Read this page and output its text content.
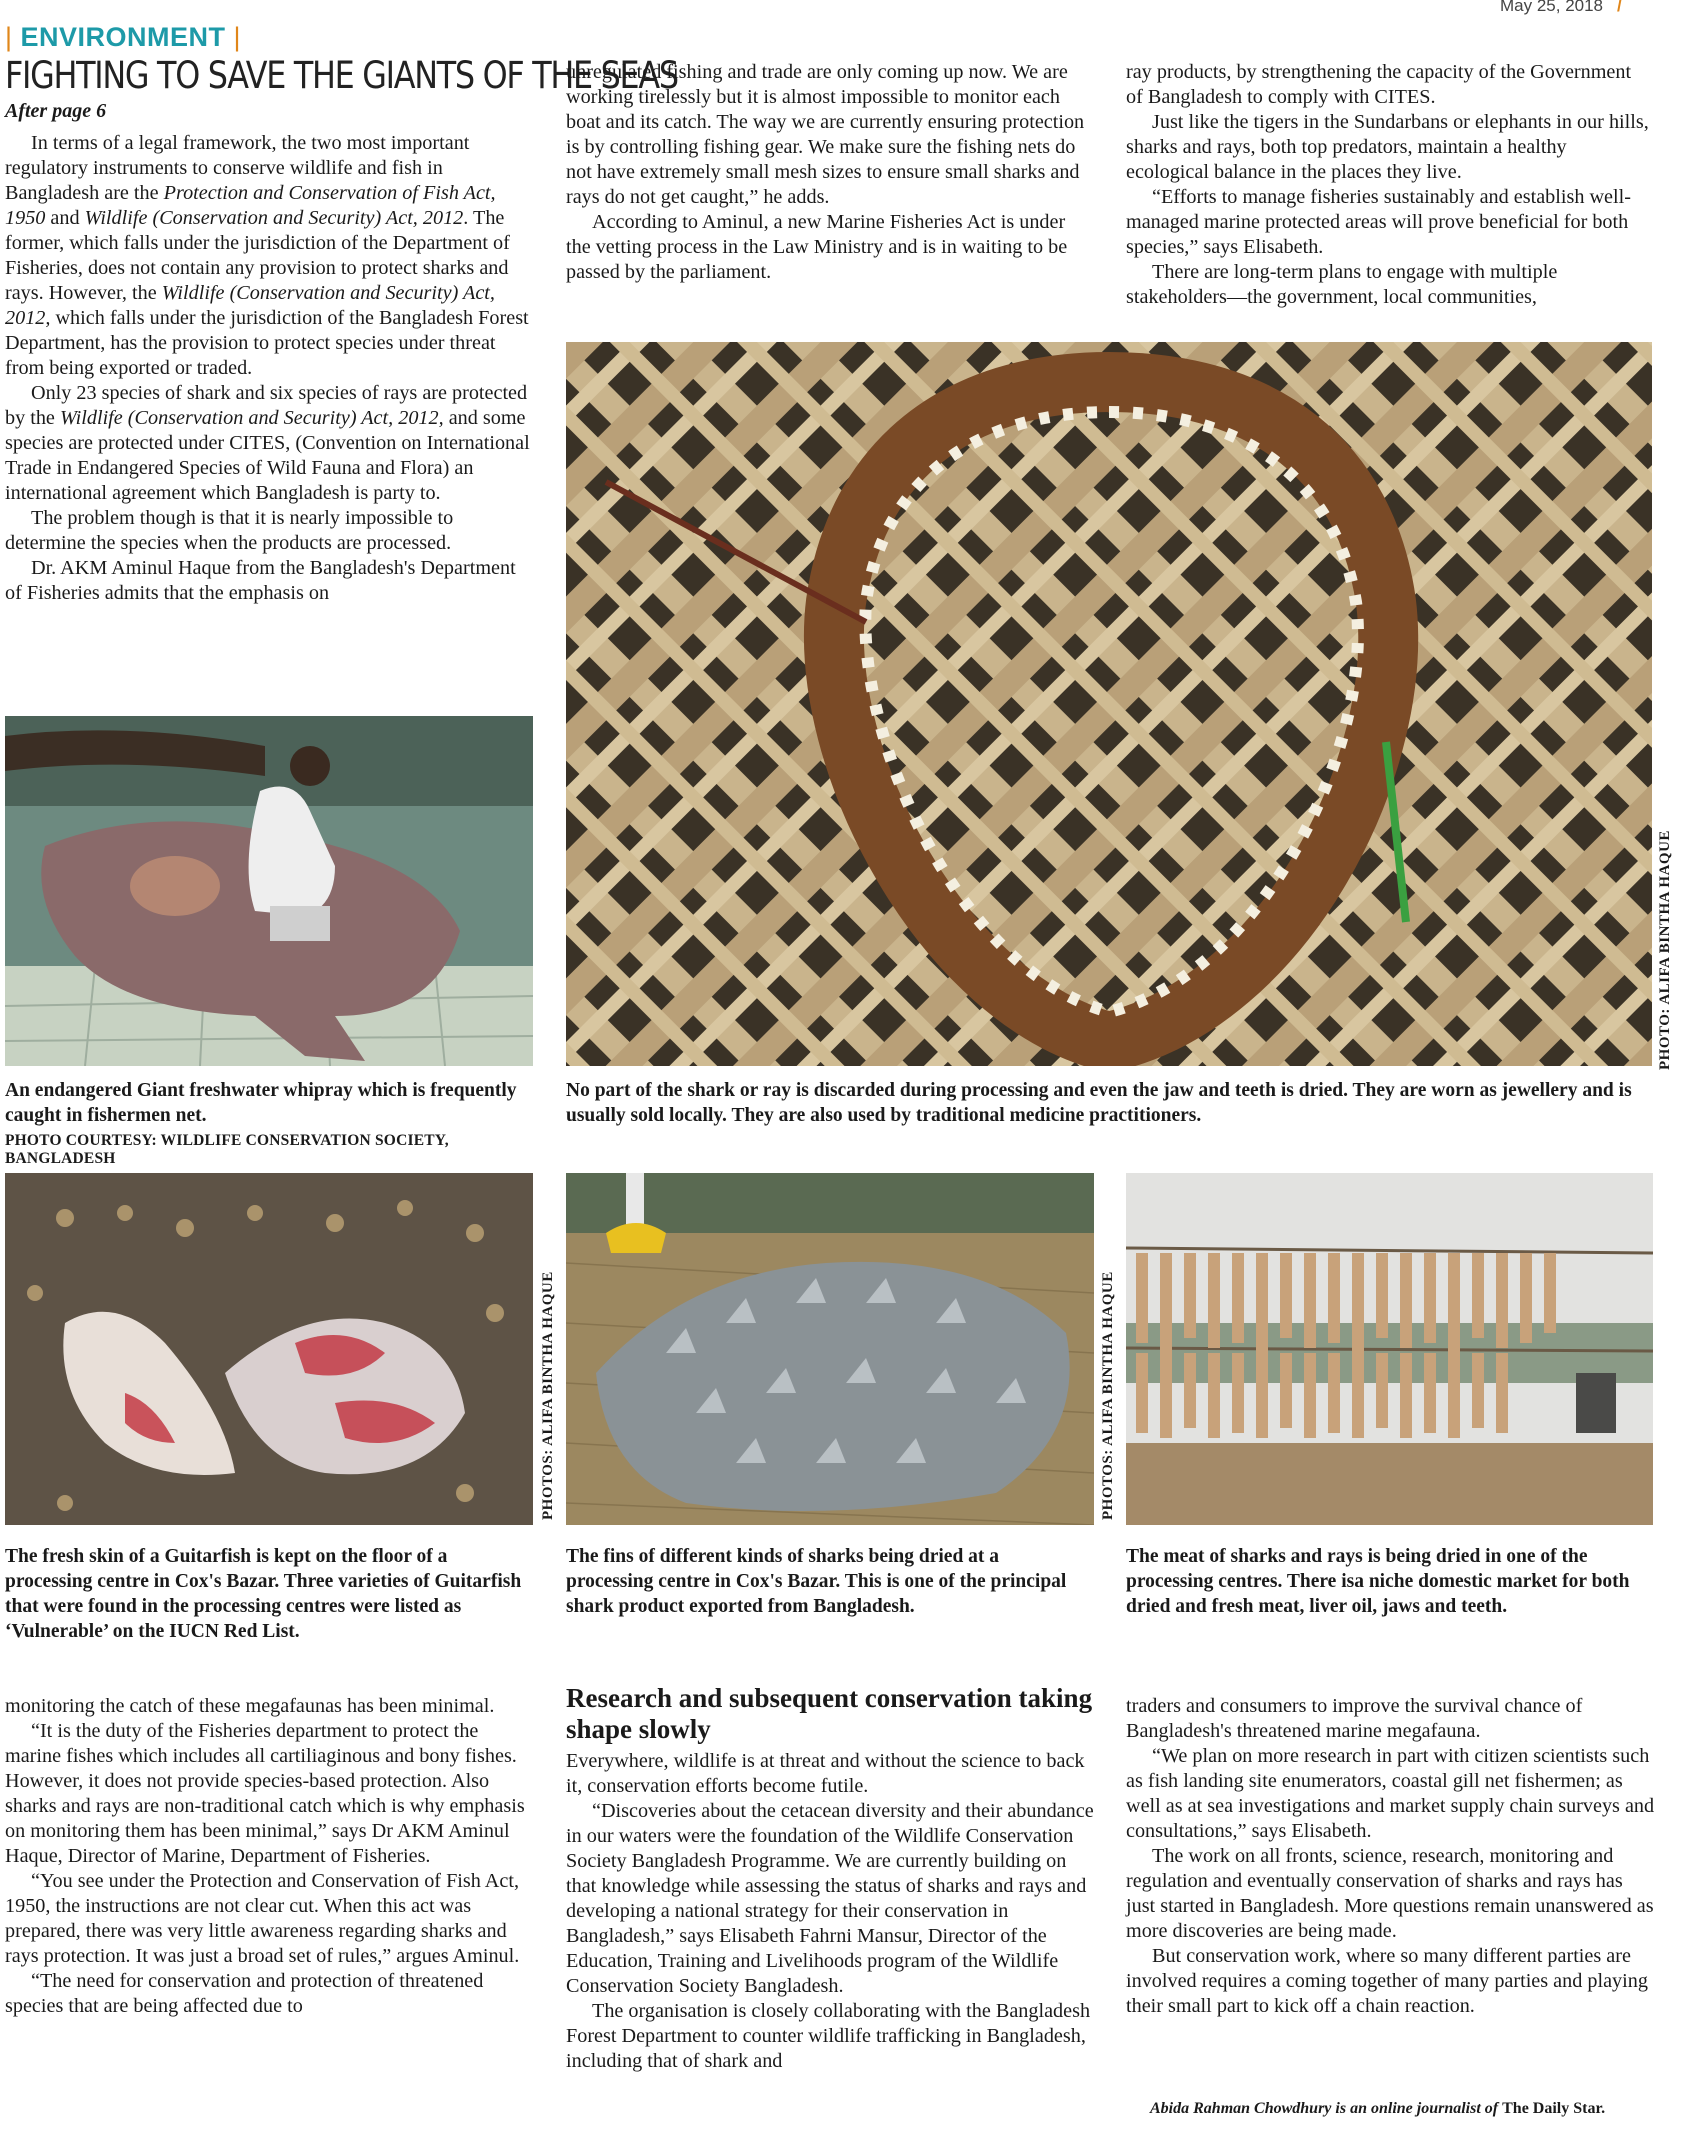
May 25, 2018 /
| ENVIRONMENT |
FIGHTING TO SAVE THE GIANTS OF THE SEAS
After page 6

In terms of a legal framework, the two most important regulatory instruments to conserve wildlife and fish in Bangladesh are the Protection and Conservation of Fish Act, 1950 and Wildlife (Conservation and Security) Act, 2012. The former, which falls under the jurisdiction of the Department of Fisheries, does not contain any provision to protect sharks and rays. However, the Wildlife (Conservation and Security) Act, 2012, which falls under the jurisdiction of the Bangladesh Forest Department, has the provision to protect species under threat from being exported or traded.

Only 23 species of shark and six species of rays are protected by the Wildlife (Conservation and Security) Act, 2012, and some species are protected under CITES, (Convention on International Trade in Endangered Species of Wild Fauna and Flora) an international agreement which Bangladesh is party to.

The problem though is that it is nearly impossible to determine the species when the products are processed.

Dr. AKM Aminul Haque from the Bangladesh's Department of Fisheries admits that the emphasis on

unregulated fishing and trade are only coming up now. We are working tirelessly but it is almost impossible to monitor each boat and its catch. The way we are currently ensuring protection is by controlling fishing gear. We make sure the fishing nets do not have extremely small mesh sizes to ensure small sharks and rays do not get caught,” he adds.

According to Aminul, a new Marine Fisheries Act is under the vetting process in the Law Ministry and is in waiting to be passed by the parliament.

ray products, by strengthening the capacity of the Government of Bangladesh to comply with CITES.

Just like the tigers in the Sundarbans or elephants in our hills, sharks and rays, both top predators, maintain a healthy ecological balance in the places they live.

“Efforts to manage fisheries sustainably and establish well-managed marine protected areas will prove beneficial for both species,” says Elisabeth.

There are long-term plans to engage with multiple stakeholders—the government, local communities,

An endangered Giant freshwater whipray which is frequently caught in fishermen net.
PHOTO COURTESY: WILDLIFE CONSERVATION SOCIETY, BANGLADESH
PHOTO: ALIFA BINTHA HAQUE
No part of the shark or ray is discarded during processing and even the jaw and teeth is dried. They are worn as jewellery and is usually sold locally. They are also used by traditional medicine practitioners.
The fresh skin of a Guitarfish is kept on the floor of a processing centre in Cox's Bazar. Three varieties of Guitarfish that were found in the processing centres were listed as ‘Vulnerable’ on the IUCN Red List.
PHOTOS: ALIFA BINTHA HAQUE
The fins of different kinds of sharks being dried at a processing centre in Cox's Bazar. This is one of the principal shark product exported from Bangladesh.
PHOTOS: ALIFA BINTHA HAQUE
The meat of sharks and rays is being dried in one of the processing centres. There isa niche domestic market for both dried and fresh meat, liver oil, jaws and teeth.

monitoring the catch of these megafaunas has been minimal.

“It is the duty of the Fisheries department to protect the marine fishes which includes all cartiliaginous and bony fishes. However, it does not provide species-based protection. Also sharks and rays are non-traditional catch which is why emphasis on monitoring them has been minimal,” says Dr AKM Aminul Haque, Director of Marine, Department of Fisheries.

“You see under the Protection and Conservation of Fish Act, 1950, the instructions are not clear cut. When this act was prepared, there was very little awareness regarding sharks and rays protection. It was just a broad set of rules,” argues Aminul.

“The need for conservation and protection of threatened species that are being affected due to

Research and subsequent conservation taking shape slowly

Everywhere, wildlife is at threat and without the science to back it, conservation efforts become futile.

“Discoveries about the cetacean diversity and their abundance in our waters were the foundation of the Wildlife Conservation Society Bangladesh Programme. We are currently building on that knowledge while assessing the status of sharks and rays and developing a national strategy for their conservation in Bangladesh,” says Elisabeth Fahrni Mansur, Director of the Education, Training and Livelihoods program of the Wildlife Conservation Society Bangladesh.

The organisation is closely collaborating with the Bangladesh Forest Department to counter wildlife trafficking in Bangladesh, including that of shark and

traders and consumers to improve the survival chance of Bangladesh's threatened marine megafauna.

“We plan on more research in part with citizen scientists such as fish landing site enumerators, coastal gill net fishermen; as well as at sea investigations and market supply chain surveys and consultations,” says Elisabeth.

The work on all fronts, science, research, monitoring and regulation and eventually conservation of sharks and rays has just started in Bangladesh. More questions remain unanswered as more discoveries are being made.

But conservation work, where so many different parties are involved requires a coming together of many parties and playing their small part to kick off a chain reaction.

Abida Rahman Chowdhury is an online journalist of The Daily Star.
